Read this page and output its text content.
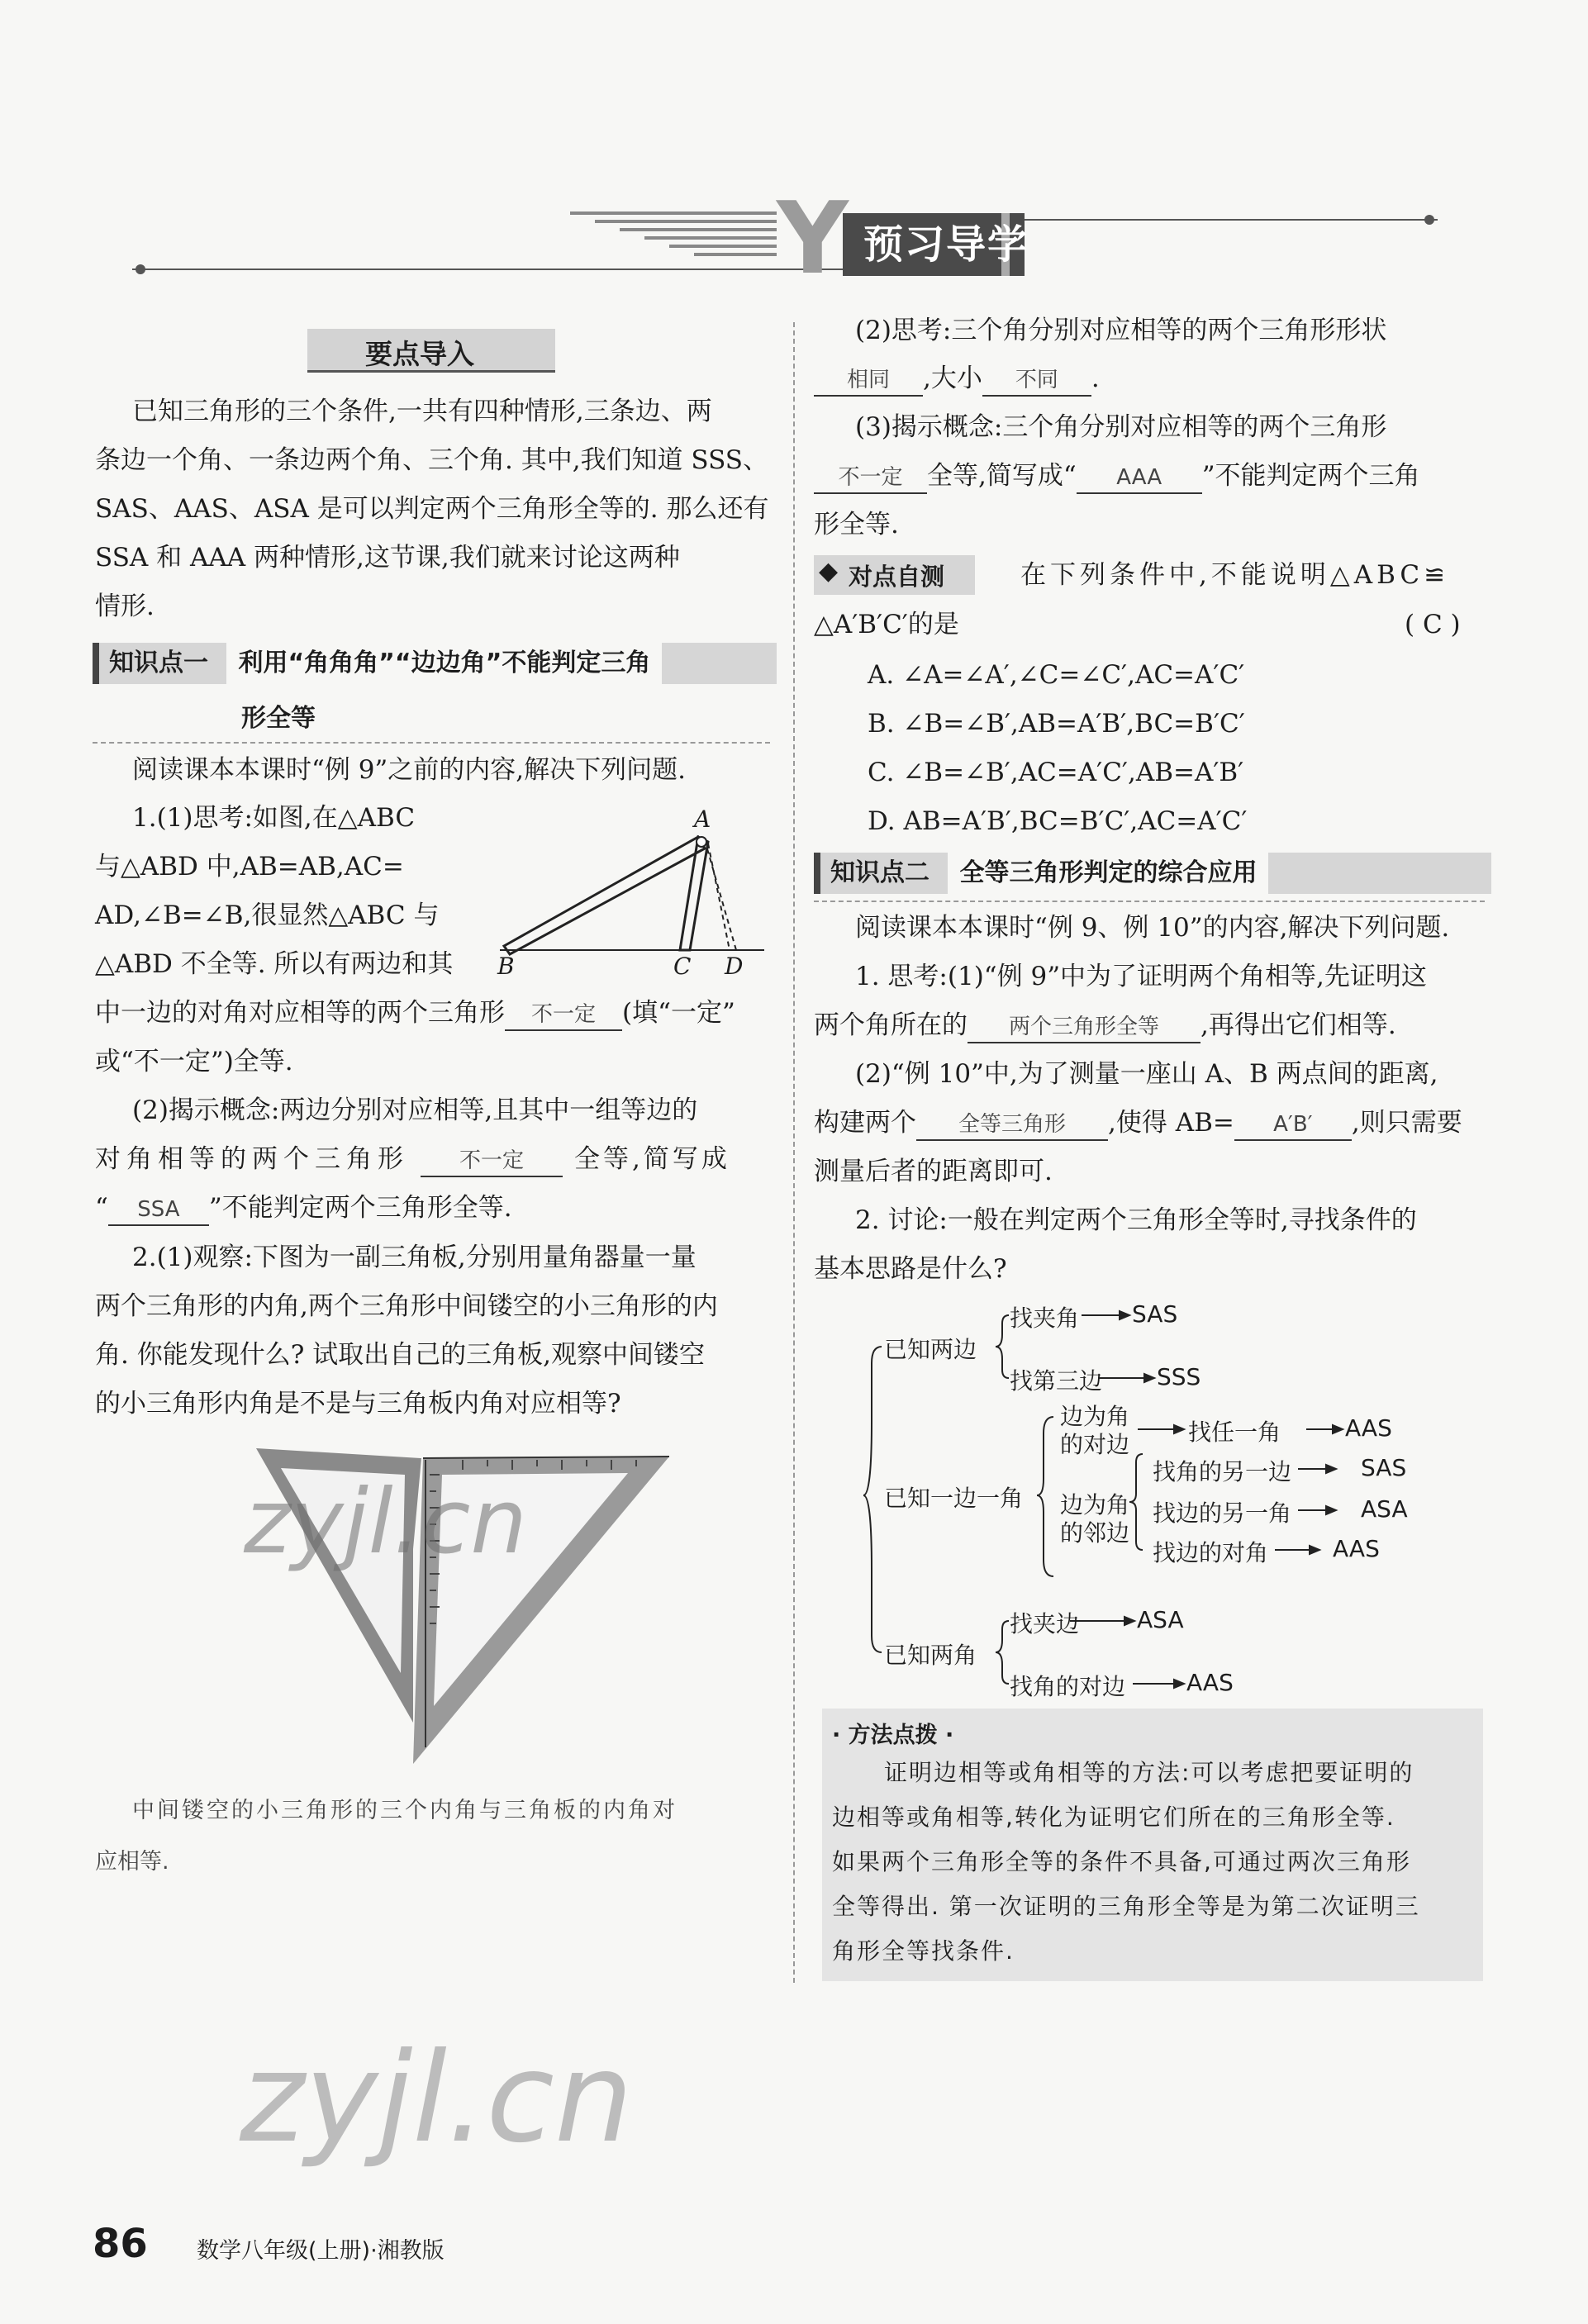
Y 预习导学
要点导入
已知三角形的三个条件,一共有四种情形,三条边、两
条边一个角、一条边两个角、三个角. 其中,我们知道 SSS、
SAS、AAS、ASA 是可以判定两个三角形全等的. 那么还有
SSA 和 AAA 两种情形,这节课,我们就来讨论这两种
情形.
知识点一 利用“角角角”“边边角”不能判定三角
形全等
阅读课本本课时“例 9”之前的内容,解决下列问题.
1.(1)思考:如图,在△ABC
与△ABD 中,AB=AB,AC=
AD,∠B=∠B,很显然△ABC 与
△ABD 不全等. 所以有两边和其
A
B	C D
中一边的对角对应相等的两个三角形 不一定 (填“一定”
或“不一定”)全等.
(2)揭示概念:两边分别对应相等,且其中一组等边的
对角相等的两个三角形 不一定 全等,简写成
“ SSA ”不能判定两个三角形全等.
2.(1)观察:下图为一副三角板,分别用量角器量一量
两个三角形的内角,两个三角形中间镂空的小三角形的内
角. 你能发现什么? 试取出自己的三角板,观察中间镂空
的小三角形内角是不是与三角板内角对应相等?
zyjl.cn
中间镂空的小三角形的三个内角与三角板的内角对
应相等.
(2)思考:三个角分别对应相等的两个三角形形状
相同 ,大小 不同 .
(3)揭示概念:三个角分别对应相等的两个三角形
不一定 全等,简写成“ AAA ”不能判定两个三角
形全等.
◆ 对点自测	在下列条件中,不能说明△ABC≌
△A′B′C′的是	( C )
A. ∠A=∠A′,∠C=∠C′,AC=A′C′
B. ∠B=∠B′,AB=A′B′,BC=B′C′
C. ∠B=∠B′,AC=A′C′,AB=A′B′
D. AB=A′B′,BC=B′C′,AC=A′C′
知识点二 全等三角形判定的综合应用
阅读课本本课时“例 9、例 10”的内容,解决下列问题.
1. 思考:(1)“例 9”中为了证明两个角相等,先证明这
两个角所在的 两个三角形全等 ,再得出它们相等.
(2)“例 10”中,为了测量一座山 A、B 两点间的距离,
构建两个 全等三角形 ,使得 AB= A′B′ ,则只需要
测量后者的距离即可.
2. 讨论:一般在判定两个三角形全等时,寻找条件的
基本思路是什么?
已知两边
找夹角 SAS
找第三边 SSS
已知一边一角
边为角
的对边	找任一角	AAS
边为角
的邻边
找角的另一边	SAS
找边的另一角	ASA
找边的对角	AAS
已知两角
找夹边 ASA
找角的对边	AAS
· 方法点拨 ·
证明边相等或角相等的方法:可以考虑把要证明的
边相等或角相等,转化为证明它们所在的三角形全等.
如果两个三角形全等的条件不具备,可通过两次三角形
全等得出. 第一次证明的三角形全等是为第二次证明三
角形全等找条件.
zyjl.cn
86 数学八年级(上册)·湘教版
